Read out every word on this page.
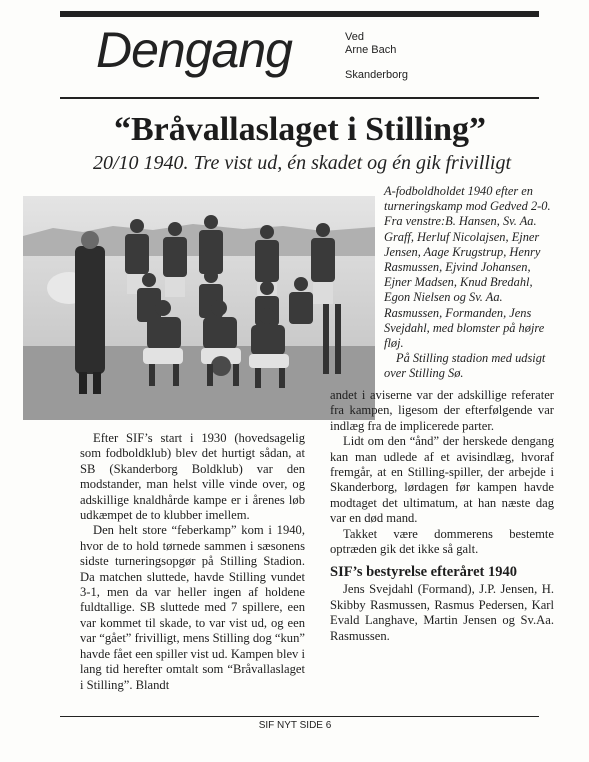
Dengang	Ved
Arne Bach
Skanderborg
“Bråvallaslaget i Stilling”
20/10 1940. Tre vist ud, én skadet og én gik frivilligt

A-fodboldholdet 1940 efter en turneringskamp mod Gedved 2-0. Fra venstre:B. Hansen, Sv. Aa. Graff, Herluf Nicolajsen, Ejner Jensen, Aage Krugstrup, Henry Rasmussen, Ejvind Johansen, Ejner Madsen, Knud Bredahl, Egon Nielsen og Sv. Aa. Rasmussen, Formanden, Jens Svejdahl, med blomster på højre fløj.

På Stilling stadion med udsigt over Stilling Sø.

Efter SIF’s start i 1930 (hovedsagelig som fodboldklub) blev det hurtigt sådan, at SB (Skanderborg Boldklub) var den modstander, man helst ville vinde over, og adskillige knaldhårde kampe er i årenes løb udkæmpet de to klubber imellem.

Den helt store “feberkamp” kom i 1940, hvor de to hold tørnede sammen i sæsonens sidste turneringsopgør på Stilling Stadion. Da matchen sluttede, havde Stilling vundet 3-1, men da var heller ingen af holdene fuldtallige. SB sluttede med 7 spillere, een var kommet til skade, to var vist ud, og een var “gået” frivilligt, mens Stilling dog “kun” havde fået een spiller vist ud. Kampen blev i lang tid herefter omtalt som “Bråvallaslaget i Stilling”. Blandt

andet i aviserne var der adskillige referater fra kampen, ligesom der efterfølgende var indlæg fra de implicerede parter.

Lidt om den “ånd” der herskede dengang kan man udlede af et avisindlæg, hvoraf fremgår, at en Stilling-spiller, der arbejde i Skanderborg, lørdagen før kampen havde modtaget det ultimatum, at han næste dag var en død mand.

Takket være dommerens bestemte optræden gik det ikke så galt.

SIF’s bestyrelse efteråret 1940

Jens Svejdahl (Formand), J.P. Jensen, H. Skibby Rasmussen, Rasmus Pedersen, Karl Evald Langhave, Martin Jensen og Sv.Aa. Rasmussen.

SIF NYT SIDE 6
